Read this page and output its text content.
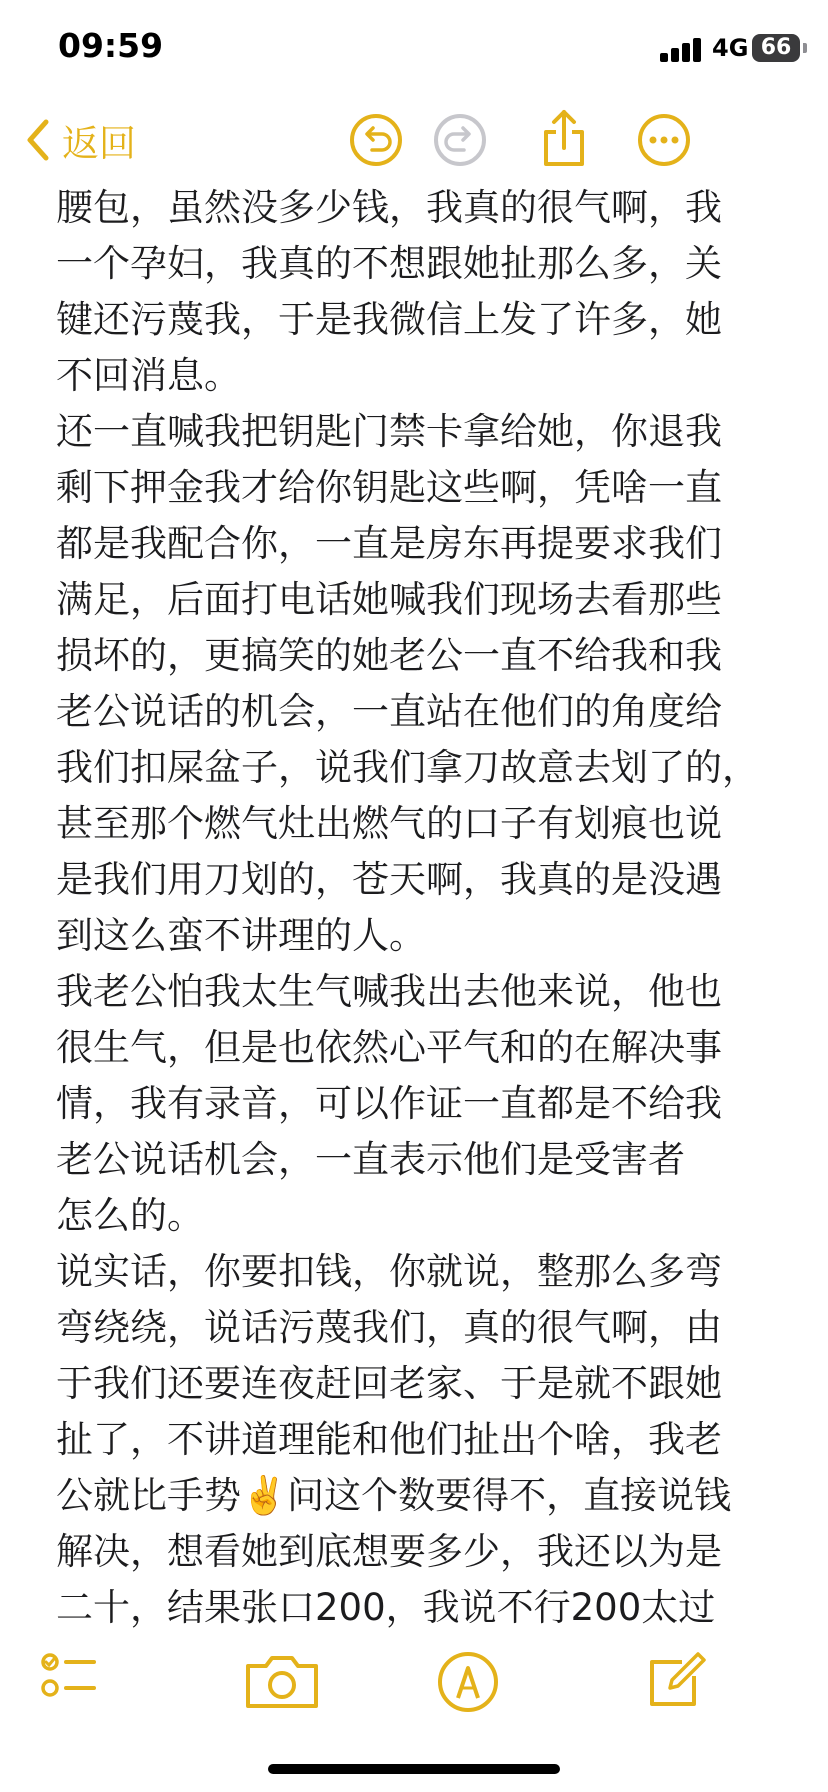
09:59	4G 66
返回
腰包，虽然没多少钱，我真的很气啊，我
一个孕妇，我真的不想跟她扯那么多，关
键还污蔑我，于是我微信上发了许多，她
不回消息。
还一直喊我把钥匙门禁卡拿给她，你退我
剩下押金我才给你钥匙这些啊，凭啥一直
都是我配合你，一直是房东再提要求我们
满足，后面打电话她喊我们现场去看那些
损坏的，更搞笑的她老公一直不给我和我
老公说话的机会，一直站在他们的角度给
我们扣屎盆子，说我们拿刀故意去划了的，
甚至那个燃气灶出燃气的口子有划痕也说
是我们用刀划的，苍天啊，我真的是没遇
到这么蛮不讲理的人。
我老公怕我太生气喊我出去他来说，他也
很生气，但是也依然心平气和的在解决事
情，我有录音，可以作证一直都是不给我
老公说话机会，一直表示他们是受害者
怎么的。
说实话，你要扣钱，你就说，整那么多弯
弯绕绕，说话污蔑我们，真的很气啊，由
于我们还要连夜赶回老家、于是就不跟她
扯了，不讲道理能和他们扯出个啥，我老
公就比手势✌️问这个数要得不，直接说钱
解决，想看她到底想要多少，我还以为是
二十，结果张口200，我说不行200太过
